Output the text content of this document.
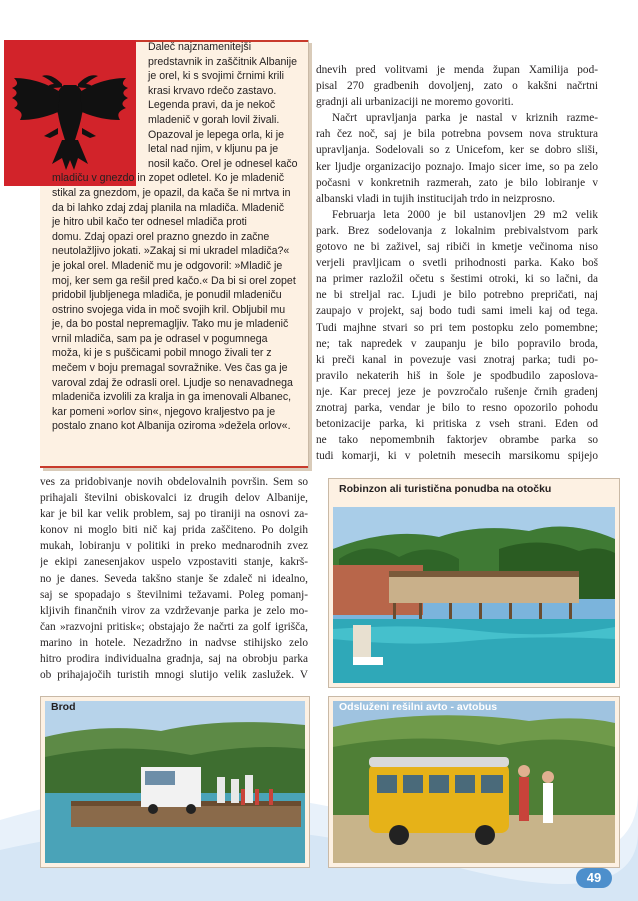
Daleč najznamenitejši
predstavnik in zaščitnik Albanije
je orel, ki s svojimi črnimi krili
krasi krvavo rdečo zastavo.
Legenda pravi, da je nekoč
mladenič v gorah lovil živali.
Opazoval je lepega orla, ki je
letal nad njim, v kljunu pa je
nosil kačo. Orel je odnesel kačo
mladiču v gnezdo in zopet odletel. Ko je mladenič
stikal za gnezdom, je opazil, da kača še ni mrtva in
da bi lahko zdaj zdaj planila na mladiča. Mladenič
je hitro ubil kačo ter odnesel mladiča proti
domu. Zdaj opazi orel prazno gnezdo in začne
neutolažljivo jokati. »Zakaj si mi ukradel mladiča?«
je jokal orel. Mladenič mu je odgovoril: »Mladič je
moj, ker sem ga rešil pred kačo.« Da bi si orel zopet
pridobil ljubljenega mladiča, je ponudil mladeniču
ostrino svojega vida in moč svojih kril. Obljubil mu
je, da bo postal nepremagljiv. Tako mu je mladenič
vrnil mladiča, sam pa je odrasel v pogumnega
moža, ki je s puščicami pobil mnogo živali ter z
mečem v boju premagal sovražnike. Ves čas ga je
varoval zdaj že odrasli orel. Ljudje so nenavadnega
mladeniča izvolili za kralja in ga imenovali Albanec,
kar pomeni »orlov sin«, njegovo kraljestvo pa je
postalo znano kot Albanija oziroma »dežela orlov«.
dnevih pred volitvami je menda župan Xamilija pod-
pisal 270 gradbenih dovoljenj, zato o kakšni načrtni
gradnji ali urbanizaciji ne moremo govoriti.
Načrt upravljanja parka je nastal v kriznih razme-
rah čez noč, saj je bila potrebna povsem nova struktura
upravljanja. Sodelovali so z Unicefom, ker se dobro sliši,
ker ljudje organizacijo poznajo. Imajo sicer ime, so pa zelo
počasni v konkretnih razmerah, zato je bilo lobiranje v
albanski vladi in tujih institucijah trdo in neizprosno.
Februarja leta 2000 je bil ustanovljen 29 m2 velik
park. Brez sodelovanja z lokalnim prebivalstvom park
gotovo ne bi zaživel, saj ribiči in kmetje večinoma niso
verjeli pravljicam o svetli prihodnosti parka. Kako boš
na primer razložil očetu s šestimi otroki, ki so lačni, da
ne bi streljal rac. Ljudi je bilo potrebno prepričati, naj
zaupajo v projekt, saj bodo tudi sami imeli kaj od tega.
Tudi majhne stvari so pri tem postopku zelo pomembne;
ne; tak napredek v zaupanju je bilo popravilo broda,
ki preči kanal in povezuje vasi znotraj parka; tudi po-
pravilo nekaterih hiš in šole je spodbudilo zaposlova-
nje. Kar precej jeze je povzročalo rušenje črnih gradenj
znotraj parka, vendar je bilo to resno opozorilo pohodu
betonizacije parka, ki pritiska z vseh strani. Eden od
ne tako nepomembnih faktorjev obrambe parka so
tudi komarji, ki v poletnih mesecih marsikomu spijejo
ves za pridobivanje novih obdelovalnih površin. Sem so
prihajali številni obiskovalci iz drugih delov Albanije,
kar je bil kar velik problem, saj po tiraniji na osnovi za-
konov ni moglo biti nič kaj prida zaščiteno. Po dolgih
mukah, lobiranju v politiki in preko mednarodnih zvez
je ekipi zanesenjakov uspelo vzpostaviti stanje, kakrš-
no je danes. Seveda takšno stanje še zdaleč ni idealno,
saj se spopadajo s številnimi težavami. Poleg pomanj-
kljivih finančnih virov za vzdrževanje parka je zelo mo-
čan »razvojni pritisk«; obstajajo že načrti za golf igrišča,
marino in hotele. Nezadržno in nadvse stihijsko zelo
hitro prodira individualna gradnja, saj na obrobju parka
ob prihajajočih turistih mnogi slutijo velik zaslužek. V
Robinzon ali turistična ponudba na otočku
Brod	Odsluženi rešilni avto - avtobus
49
